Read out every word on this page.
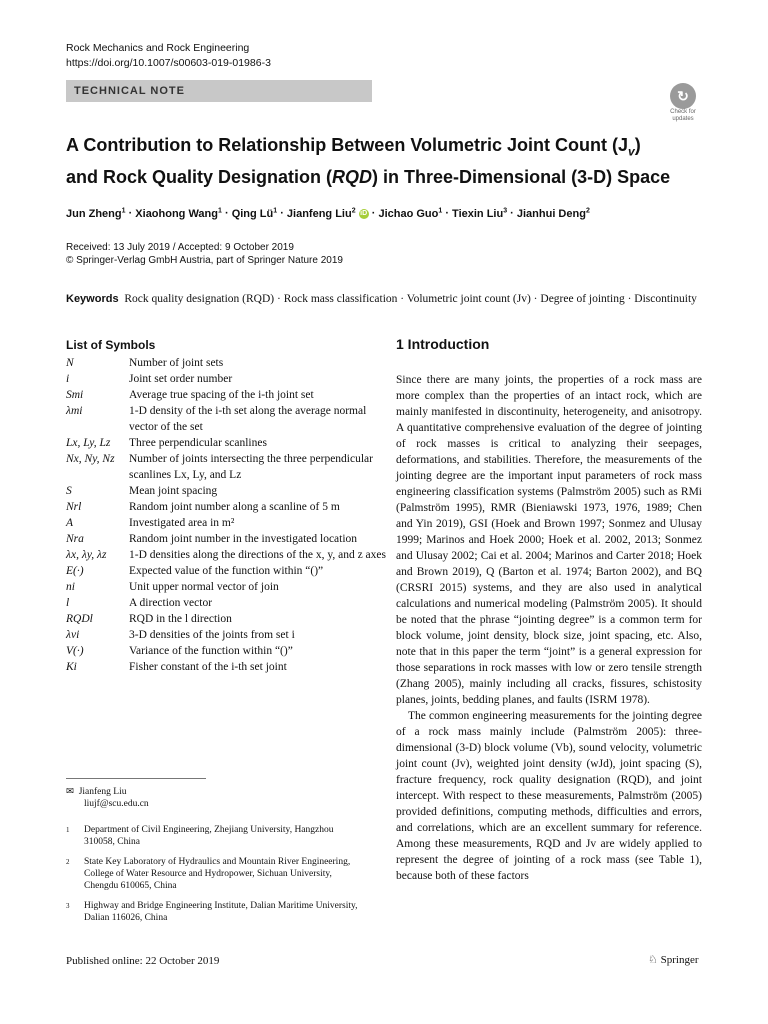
Rock Mechanics and Rock Engineering
https://doi.org/10.1007/s00603-019-01986-3
TECHNICAL NOTE	↻
Check for updates
A Contribution to Relationship Between Volumetric Joint Count $(J_v)$
and Rock Quality Designation (RQD) in Three-Dimensional (3-D) Space
Jun Zheng$^1$ · Xiaohong Wang$^1$ · Qing $Lü^1$ · Jianfeng Liu$^2$ iD · Jichao Guo$^1$ · Tiexin Liu$^3$ · Jianhui Deng$^2$
Received: 13 July 2019 / Accepted: 9 October 2019
© Springer-Verlag GmbH Austria, part of Springer Nature 2019
Keywords Rock quality designation (RQD) · Rock mass classification · Volumetric joint count (Jv) · Degree of jointing · Discontinuity
List of Symbols
N	Number of joint sets
i	Joint set order number
Smi	Average true spacing of the i-th joint set
λmi	1-D density of the i-th set along the average normal vector of the set
Lx, Ly, Lz	Three perpendicular scanlines
Nx, Ny, Nz	Number of joints intersecting the three perpendicular scanlines Lx, Ly, and Lz
S	Mean joint spacing
Nrl	Random joint number along a scanline of 5 m
A	Investigated area in m²
Nra	Random joint number in the investigated location
λx, λy, λz	1-D densities along the directions of the x, y, and z axes
E(·)	Expected value of the function within “()”
ni	Unit upper normal vector of join
l	A direction vector
RQDl	RQD in the l direction
λvi	3-D densities of the joints from set i
V(·)	Variance of the function within “()”
Ki	Fisher constant of the i-th set joint
✉ Jianfeng Liu
liujf@scu.edu.cn
1	Department of Civil Engineering, Zhejiang University, Hangzhou 310058, China
2	State Key Laboratory of Hydraulics and Mountain River Engineering, College of Water Resource and Hydropower, Sichuan University, Chengdu 610065, China
3	Highway and Bridge Engineering Institute, Dalian Maritime University, Dalian 116026, China
1 Introduction

Since there are many joints, the properties of a rock mass are more complex than the properties of an intact rock, which are mainly manifested in discontinuity, heterogeneity, and anisotropy. A quantitative comprehensive evaluation of the degree of jointing of rock masses is critical to analyzing their seepages, deformations, and stabilities. Therefore, the measurements of the jointing degree are the important input parameters of rock mass engineering classification systems (Palmström 2005) such as RMi (Palmström 1995), RMR (Bieniawski 1973, 1976, 1989; Chen and Yin 2019), GSI (Hoek and Brown 1997; Sonmez and Ulusay 1999; Marinos and Hoek 2000; Hoek et al. 2002, 2013; Sonmez and Ulusay 2002; Cai et al. 2004; Marinos and Carter 2018; Hoek and Brown 2019), Q (Barton et al. 1974; Barton 2002), and BQ (CRSRI 2015) systems, and they are also used in analytical calculations and numerical modeling (Palmström 2005). It should be noted that the phrase “jointing degree” is a common term for block volume, joint density, block size, joint spacing, etc. Also, note that in this paper the term “joint” is a general expression for those separations in rock masses with low or zero tensile strength (Zhang 2005), mainly including all cracks, fissures, schistosity planes, joints, bedding planes, and faults (ISRM 1978).

The common engineering measurements for the jointing degree of a rock mass mainly include (Palmström 2005): three-dimensional (3-D) block volume (Vb), sound velocity, volumetric joint count (Jv), weighted joint density (wJd), joint spacing (S), fracture frequency, rock quality designation (RQD), and joint intercept. With respect to these measurements, Palmström (2005) provided definitions, computing methods, difficulties and errors, and correlations, which are an excellent summary for reference. Among these measurements, RQD and Jv are widely applied to represent the degree of jointing of a rock mass (see Table 1), because both of these factors

Published online: 22 October 2019	♘ Springer
